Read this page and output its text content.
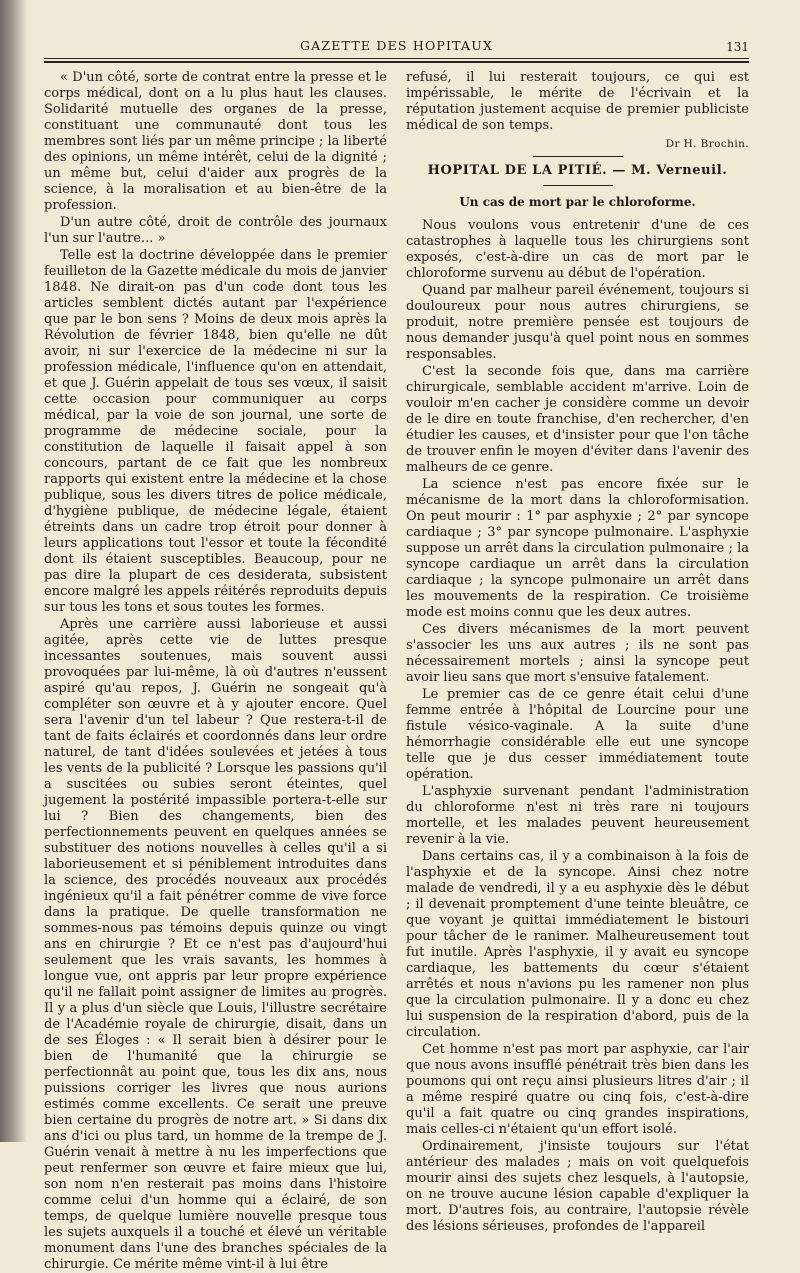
GAZETTE DES HOPITAUX	131

« D'un côté, sorte de contrat entre la presse et le corps médical, dont on a lu plus haut les clauses. Solidarité mutuelle des organes de la presse, constituant une communauté dont tous les membres sont liés par un même principe ; la liberté des opinions, un même intérêt, celui de la dignité ; un même but, celui d'aider aux progrès de la science, à la moralisation et au bien-être de la profession.

D'un autre côté, droit de contrôle des journaux l'un sur l'autre... »

Telle est la doctrine développée dans le premier feuilleton de la Gazette médicale du mois de janvier 1848. Ne dirait-on pas d'un code dont tous les articles semblent dictés autant par l'expérience que par le bon sens ? Moins de deux mois après la Révolution de février 1848, bien qu'elle ne dût avoir, ni sur l'exercice de la médecine ni sur la profession médicale, l'influence qu'on en attendait, et que J. Guérin appelait de tous ses vœux, il saisit cette occasion pour communiquer au corps médical, par la voie de son journal, une sorte de programme de médecine sociale, pour la constitution de laquelle il faisait appel à son concours, partant de ce fait que les nombreux rapports qui existent entre la médecine et la chose publique, sous les divers titres de police médicale, d'hygiène publique, de médecine légale, étaient étreints dans un cadre trop étroit pour donner à leurs applications tout l'essor et toute la fécondité dont ils étaient susceptibles. Beaucoup, pour ne pas dire la plupart de ces desiderata, subsistent encore malgré les appels réitérés reproduits depuis sur tous les tons et sous toutes les formes.

Après une carrière aussi laborieuse et aussi agitée, après cette vie de luttes presque incessantes soutenues, mais souvent aussi provoquées par lui-même, là où d'autres n'eussent aspiré qu'au repos, J. Guérin ne songeait qu'à compléter son œuvre et à y ajouter encore. Quel sera l'avenir d'un tel labeur ? Que restera-t-il de tant de faits éclairés et coordonnés dans leur ordre naturel, de tant d'idées soulevées et jetées à tous les vents de la publicité ? Lorsque les passions qu'il a suscitées ou subies seront éteintes, quel jugement la postérité impassible portera-t-elle sur lui ? Bien des changements, bien des perfectionnements peuvent en quelques années se substituer des notions nouvelles à celles qu'il a si laborieusement et si péniblement introduites dans la science, des procédés nouveaux aux procédés ingénieux qu'il a fait pénétrer comme de vive force dans la pratique. De quelle transformation ne sommes-nous pas témoins depuis quinze ou vingt ans en chirurgie ? Et ce n'est pas d'aujourd'hui seulement que les vrais savants, les hommes à longue vue, ont appris par leur propre expérience qu'il ne fallait point assigner de limites au progrès. Il y a plus d'un siècle que Louis, l'illustre secrétaire de l'Académie royale de chirurgie, disait, dans un de ses Éloges : « Il serait bien à désirer pour le bien de l'humanité que la chirurgie se perfectionnât au point que, tous les dix ans, nous puissions corriger les livres que nous aurions estimés comme excellents. Ce serait une preuve bien certaine du progrès de notre art. » Si dans dix ans d'ici ou plus tard, un homme de la trempe de J. Guérin venait à mettre à nu les imperfections que peut renfermer son œuvre et faire mieux que lui, son nom n'en resterait pas moins dans l'histoire comme celui d'un homme qui a éclairé, de son temps, de quelque lumière nouvelle presque tous les sujets auxquels il a touché et élevé un véritable monument dans l'une des branches spéciales de la chirurgie. Ce mérite même vint-il à lui être

refusé, il lui resterait toujours, ce qui est impérissable, le mérite de l'écrivain et la réputation justement acquise de premier publiciste médical de son temps.

Dr H. Brochin.
HOPITAL DE LA PITIÉ. — M. Verneuil.
Un cas de mort par le chloroforme.

Nous voulons vous entretenir d'une de ces catastrophes à laquelle tous les chirurgiens sont exposés, c'est-à-dire un cas de mort par le chloroforme survenu au début de l'opération.

Quand par malheur pareil événement, toujours si douloureux pour nous autres chirurgiens, se produit, notre première pensée est toujours de nous demander jusqu'à quel point nous en sommes responsables.

C'est la seconde fois que, dans ma carrière chirurgicale, semblable accident m'arrive. Loin de vouloir m'en cacher je considère comme un devoir de le dire en toute franchise, d'en rechercher, d'en étudier les causes, et d'insister pour que l'on tâche de trouver enfin le moyen d'éviter dans l'avenir des malheurs de ce genre.

La science n'est pas encore fixée sur le mécanisme de la mort dans la chloroformisation. On peut mourir : 1° par asphyxie ; 2° par syncope cardiaque ; 3° par syncope pulmonaire. L'asphyxie suppose un arrêt dans la circulation pulmonaire ; la syncope cardiaque un arrêt dans la circulation cardiaque ; la syncope pulmonaire un arrêt dans les mouvements de la respiration. Ce troisième mode est moins connu que les deux autres.

Ces divers mécanismes de la mort peuvent s'associer les uns aux autres ; ils ne sont pas nécessairement mortels ; ainsi la syncope peut avoir lieu sans que mort s'ensuive fatalement.

Le premier cas de ce genre était celui d'une femme entrée à l'hôpital de Lourcine pour une fistule vésico-vaginale. A la suite d'une hémorrhagie considérable elle eut une syncope telle que je dus cesser immédiatement toute opération.

L'asphyxie survenant pendant l'administration du chloroforme n'est ni très rare ni toujours mortelle, et les malades peuvent heureusement revenir à la vie.

Dans certains cas, il y a combinaison à la fois de l'asphyxie et de la syncope. Ainsi chez notre malade de vendredi, il y a eu asphyxie dès le début ; il devenait promptement d'une teinte bleuâtre, ce que voyant je quittai immédiatement le bistouri pour tâcher de le ranimer. Malheureusement tout fut inutile. Après l'asphyxie, il y avait eu syncope cardiaque, les battements du cœur s'étaient arrêtés et nous n'avions pu les ramener non plus que la circulation pulmonaire. Il y a donc eu chez lui suspension de la respiration d'abord, puis de la circulation.

Cet homme n'est pas mort par asphyxie, car l'air que nous avons insufflé pénétrait très bien dans les poumons qui ont reçu ainsi plusieurs litres d'air ; il a même respiré quatre ou cinq fois, c'est-à-dire qu'il a fait quatre ou cinq grandes inspirations, mais celles-ci n'étaient qu'un effort isolé.

Ordinairement, j'insiste toujours sur l'état antérieur des malades ; mais on voit quelquefois mourir ainsi des sujets chez lesquels, à l'autopsie, on ne trouve aucune lésion capable d'expliquer la mort. D'autres fois, au contraire, l'autopsie révèle des lésions sérieuses, profondes de l'appareil
